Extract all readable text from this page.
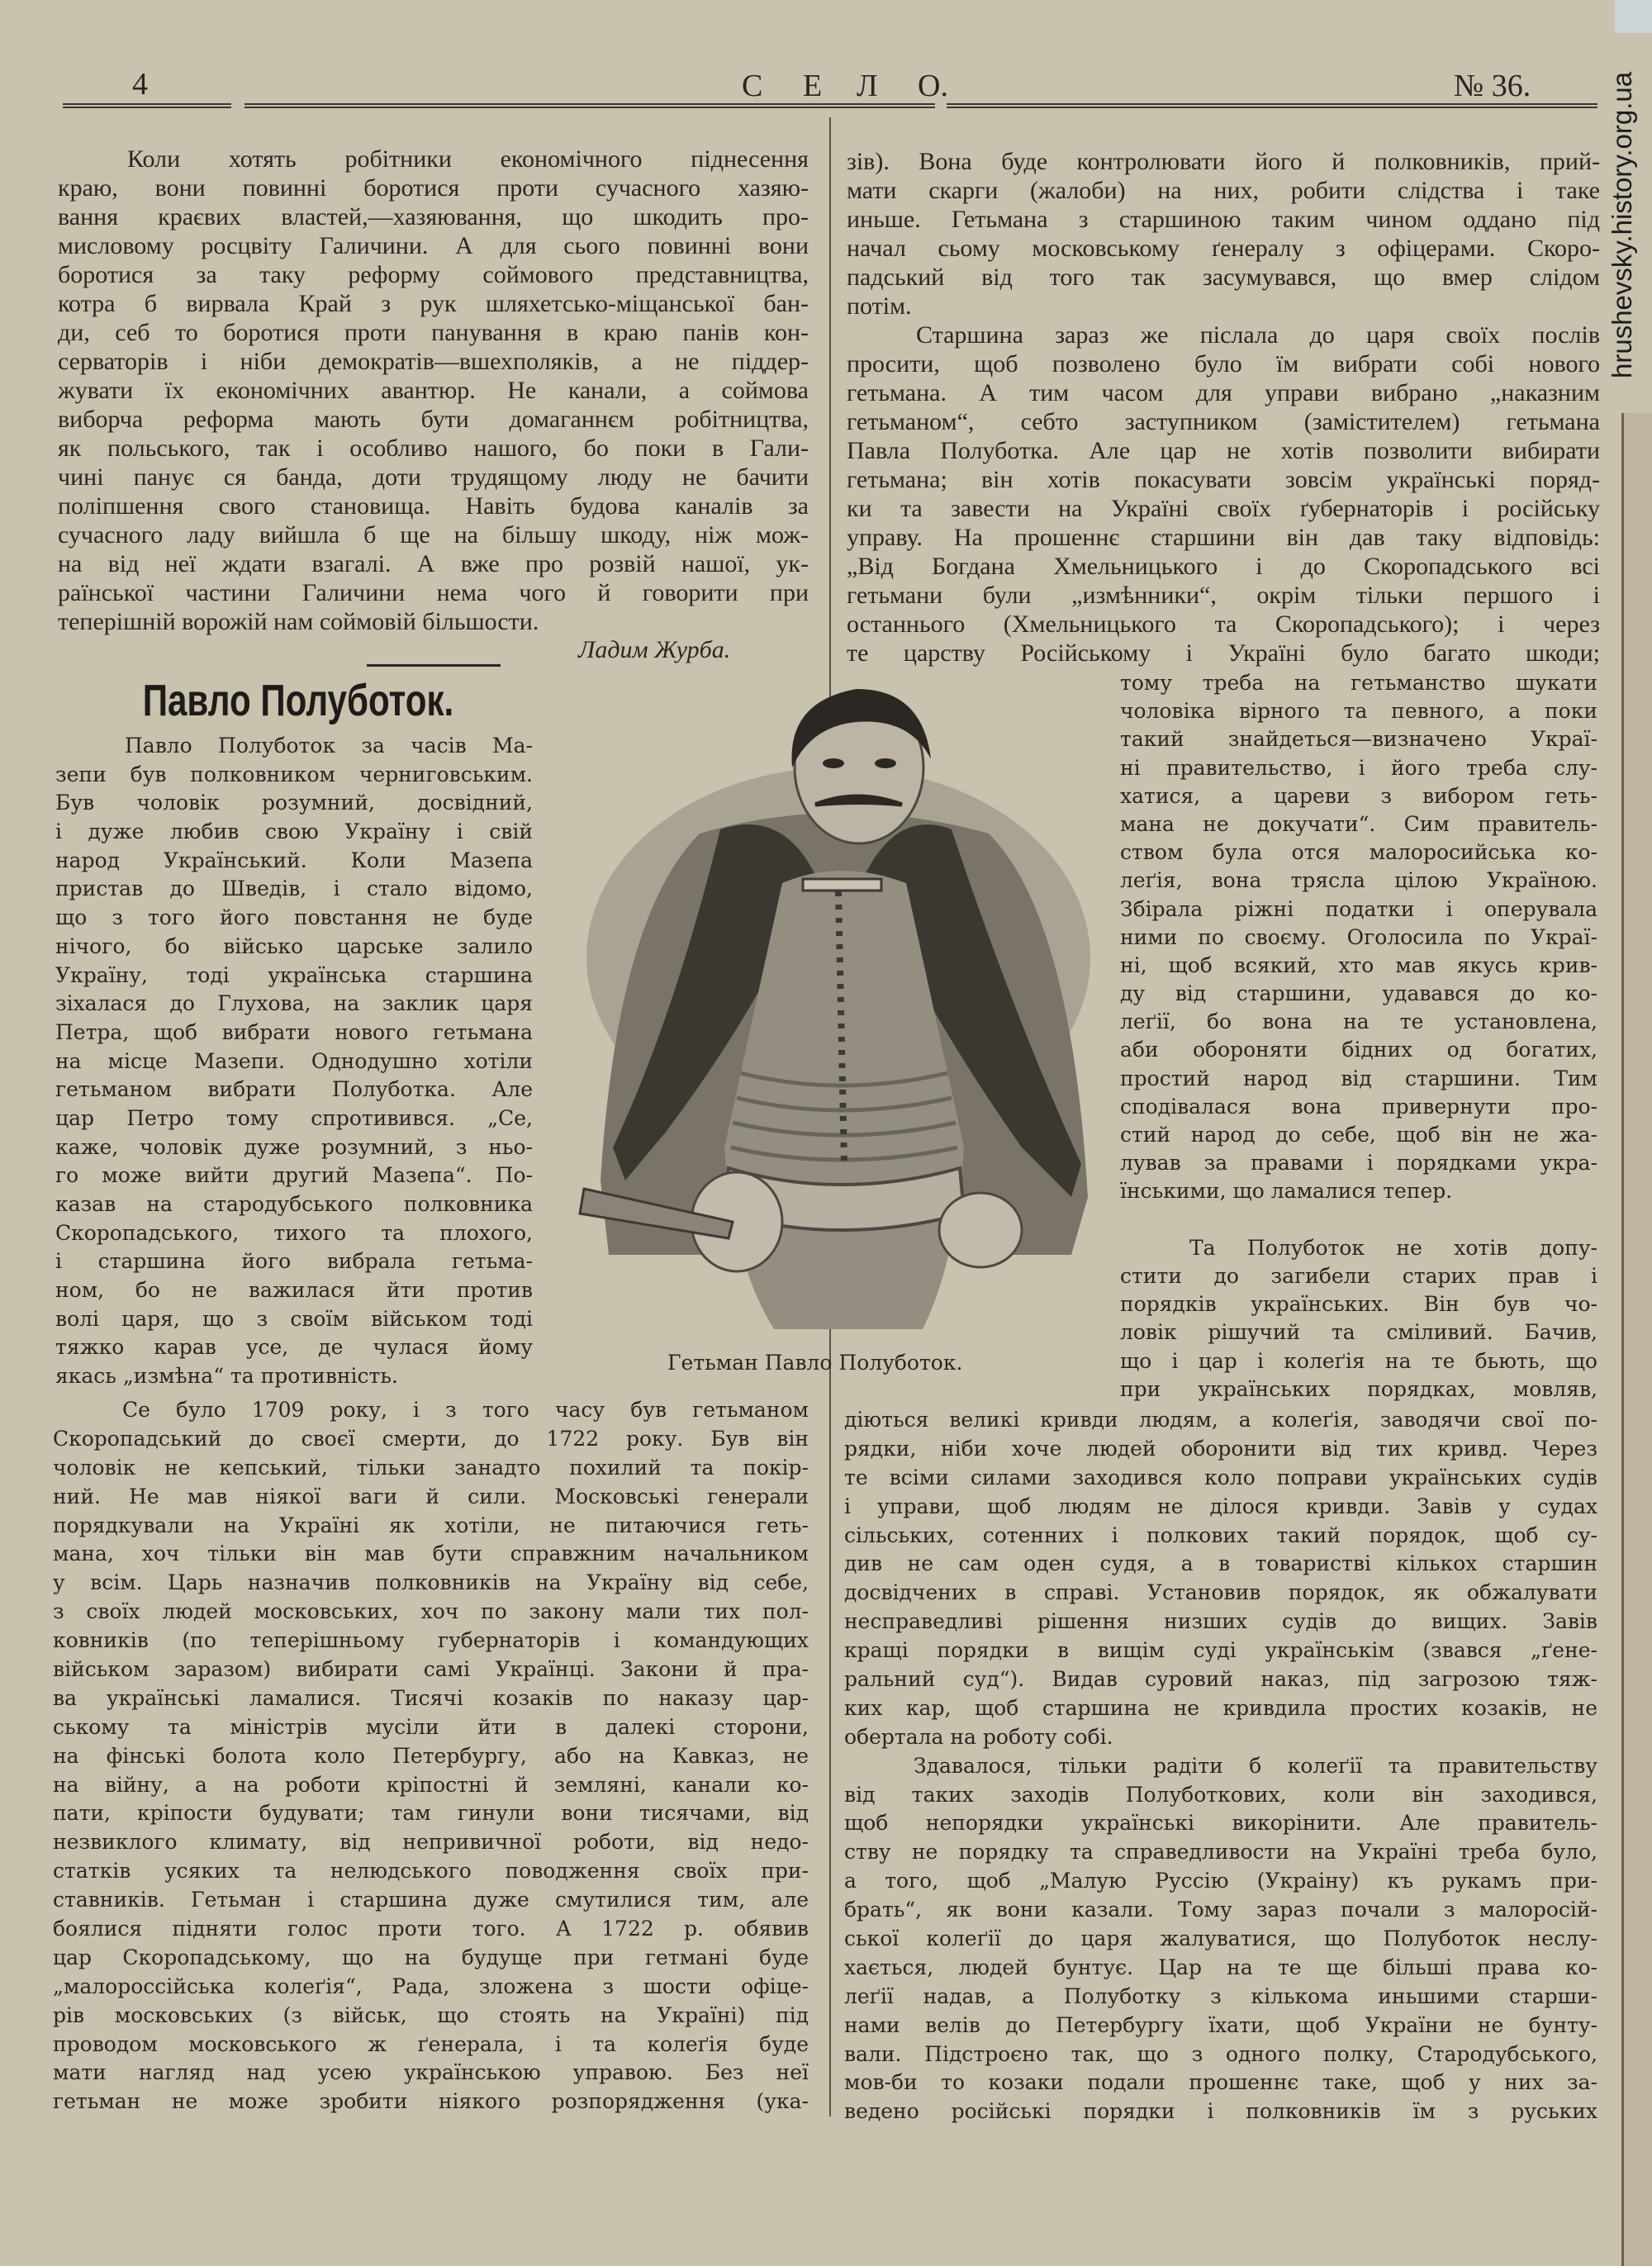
hrushevsky.history.org.ua
4	С Е Л О.	№ 36.
Коли хотять робітники економічного піднесення
краю, вони повинні боротися проти сучасного хазяю-
вання краєвих властей,—хазяювання, що шкодить про-
мисловому росцвіту Галичини. А для сього повинні вони
боротися за таку реформу соймового представництва,
котра б вирвала Край з рук шляхетсько-міщанської бан-
ди, себ то боротися проти панування в краю панів кон-
серваторів і ніби демократів—вшехполяків, а не піддер-
жувати їх економічних авантюр. Не канали, а соймова
виборча реформа мають бути домаганнєм робітництва,
як польського, так і особливо нашого, бо поки в Гали-
чині панує ся банда, доти трудящому люду не бачити
поліпшення свого становища. Навіть будова каналів за
сучасного ладу вийшла б ще на більшу шкоду, ніж мож-
на від неї ждати взагалі. А вже про розвій нашої, ук-
раїнської частини Галичини нема чого й говорити при
теперішній ворожій нам соймовій більшости.
Ладим Журба.
зів). Вона буде контролювати його й полковників, прий-
мати скарги (жалоби) на них, робити слідства і таке
иньше. Гетьмана з старшиною таким чином оддано під
начал сьому московському ґенералу з офіцерами. Скоро-
падський від того так засумувався, що вмер слідом
потім.
Старшина зараз же післала до царя своїх послів
просити, щоб позволено було їм вибрати собі нового
гетьмана. А тим часом для управи вибрано „наказним
гетьманом“, себто заступником (замістителем) гетьмана
Павла Полуботка. Але цар не хотів позволити вибирати
гетьмана; він хотів покасувати зовсім українські поряд-
ки та завести на Україні своїх ґубернаторів і російську
управу. На прошеннє старшини він дав таку відповідь:
„Від Богдана Хмельницького і до Скоропадського всі
гетьмани були „измѣнники“, окрім тільки першого і
останнього (Хмельницького та Скоропадського); і через
те царству Російському і Україні було багато шкоди;
Павло Полуботок.
Павло Полуботок за часів Ма-
зепи був полковником черниговським.
Був чоловік розумний, досвідний,
і дуже любив свою Україну і свій
народ Український. Коли Мазепа
пристав до Шведів, і стало відомо,
що з того його повстання не буде
нічого, бо військо царське залило
Україну, тоді українська старшина
зіхалася до Глухова, на заклик царя
Петра, щоб вибрати нового гетьмана
на місце Мазепи. Однодушно хотіли
гетьманом вибрати Полуботка. Але
цар Петро тому спротивився. „Се,
каже, чоловік дуже розумний, з ньо-
го може вийти другий Мазепа“. По-
казав на стародубського полковника
Скоропадського, тихого та плохого,
і старшина його вибрала гетьма-
ном, бо не важилася йти против
волі царя, що з своїм військом тоді
тяжко карав усе, де чулася йому
якась „измѣна“ та противність.
тому треба на гетьманство шукати
чоловіка вірного та певного, а поки
такий знайдеться—визначено Украї-
ні правительство, і його треба слу-
хатися, а цареви з вибором геть-
мана не докучати“. Сим правитель-
ством була отся малоросийська ко-
леґія, вона трясла цілою Україною.
Збірала ріжні податки і оперувала
ними по своєму. Оголосила по Украї-
ні, щоб всякий, хто мав якусь крив-
ду від старшини, удавався до ко-
леґії, бо вона на те установлена,
аби обороняти бідних од богатих,
простий народ від старшини. Тим
сподівалася вона привернути про-
стий народ до себе, щоб він не жа-
лував за правами і порядками укра-
їнськими, що ламалися тепер.
Та Полуботок не хотів допу-
стити до загибели старих прав і
порядків українських. Він був чо-
ловік рішучий та сміливий. Бачив,
що і цар і колеґія на те бьють, що
при українських порядках, мовляв,
Се було 1709 року, і з того часу був гетьманом
Скоропадський до своєї смерти, до 1722 року. Був він
чоловік не кепський, тільки занадто похилий та покір-
ний. Не мав ніякої ваги й сили. Московські генерали
порядкували на Україні як хотіли, не питаючися геть-
мана, хоч тільки він мав бути справжним начальником
у всім. Царь назначив полковників на Україну від себе,
з своїх людей московських, хоч по закону мали тих пол-
ковників (по теперішньому губернаторів і командующих
військом заразом) вибирати самі Українці. Закони й пра-
ва українські ламалися. Тисячі козаків по наказу цар-
ському та міністрів мусіли йти в далекі сторони,
на фінські болота коло Петербургу, або на Кавказ, не
на війну, а на роботи кріпостні й земляні, канали ко-
пати, кріпости будувати; там гинули вони тисячами, від
незвиклого климату, від непривичної роботи, від недо-
статків усяких та нелюдського поводження своїх при-
ставників. Гетьман і старшина дуже смутилися тим, але
боялися підняти голос проти того. А 1722 р. обявив
цар Скоропадському, що на будуще при гетмані буде
„малороссійська колеґія“, Рада, зложена з шости офіце-
рів московських (з військ, що стоять на Україні) під
проводом московського ж ґенерала, і та колеґія буде
мати нагляд над усею українською управою. Без неї
гетьман не може зробити ніякого розпорядження (ука-
діються великі кривди людям, а колеґія, заводячи свої по-
рядки, ніби хоче людей оборонити від тих кривд. Через
те всіми силами заходився коло поправи українських судів
і управи, щоб людям не ділося кривди. Завів у судах
сільських, сотенних і полкових такий порядок, щоб су-
див не сам оден судя, а в товаристві кількох старшин
досвідчених в справі. Установив порядок, як обжалувати
несправедливі рішення низших судів до вищих. Завів
кращі порядки в вищім суді українськім (звався „ґене-
ральний суд“). Видав суровий наказ, під загрозою тяж-
ких кар, щоб старшина не кривдила простих козаків, не
обертала на роботу собі.
Здавалося, тільки радіти б колеґії та правительству
від таких заходів Полуботкових, коли він заходився,
щоб непорядки українські викорінити. Але правитель-
ству не порядку та справедливости на Україні треба було,
а того, щоб „Малую Руссію (Украіну) къ рукамъ при-
брать“, як вони казали. Тому зараз почали з малоросій-
ської колеґії до царя жалуватися, що Полуботок неслу-
хається, людей бунтує. Цар на те ще більші права ко-
леґії надав, а Полуботку з кількома иньшими старши-
нами велів до Петербургу їхати, щоб України не бунту-
вали. Підстроєно так, що з одного полку, Стародубського,
мов-би то козаки подали прошеннє таке, щоб у них за-
ведено російські порядки і полковників їм з руських
Гетьман Павло Полуботок.
